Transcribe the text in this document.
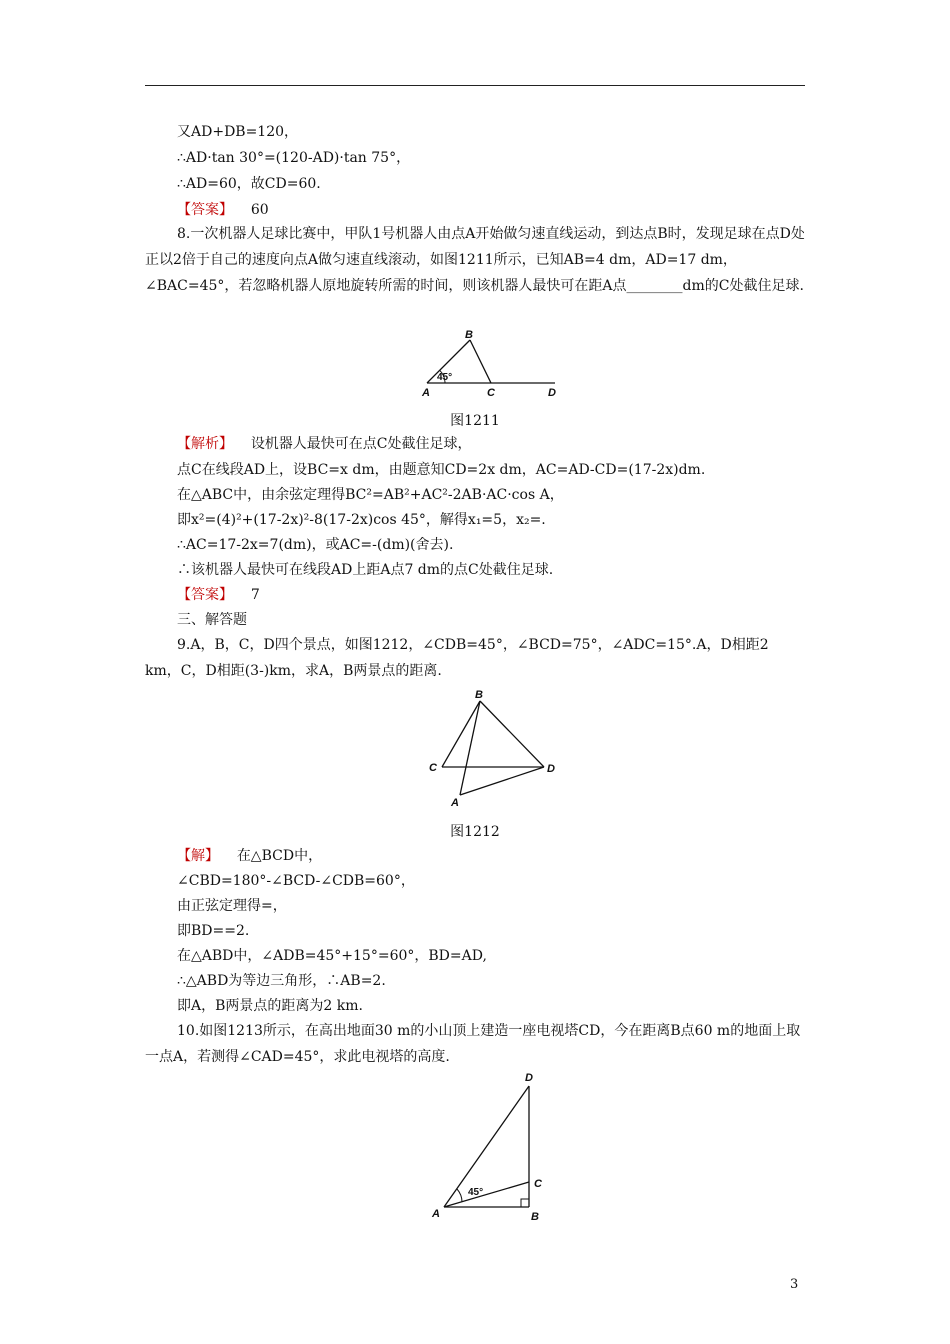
又AD+DB=120，
∴AD·tan 30°=(120-AD)·tan 75°，
∴AD=60，故CD=60.
【答案】 60
8.一次机器人足球比赛中，甲队1号机器人由点A开始做匀速直线运动，到达点B时，发现足球在点D处正以2倍于自己的速度向点A做匀速直线滚动，如图1211所示，已知AB=4 dm，AD=17 dm，∠BAC=45°，若忽略机器人原地旋转所需的时间，则该机器人最快可在距A点________dm的C处截住足球.
A
B
C	D
45°
图1211
【解析】 设机器人最快可在点C处截住足球，
点C在线段AD上，设BC=x dm，由题意知CD=2x dm，AC=AD-CD=(17-2x)dm.
在△ABC中，由余弦定理得BC²=AB²+AC²-2AB·AC·cos A，
即x²=(4)²+(17-2x)²-8(17-2x)cos 45°，解得x₁=5，x₂=.
∴AC=17-2x=7(dm)，或AC=-(dm)(舍去).
∴该机器人最快可在线段AD上距A点7 dm的点C处截住足球.
【答案】 7
三、解答题
9.A，B，C，D四个景点，如图1212，∠CDB=45°，∠BCD=75°，∠ADC=15°.A，D相距2 km，C，D相距(3-)km，求A，B两景点的距离.
B
C	D
A
图1212
【解】 在△BCD中，
∠CBD=180°-∠BCD-∠CDB=60°，
由正弦定理得=，
即BD==2.
在△ABD中，∠ADB=45°+15°=60°，BD=AD,
∴△ABD为等边三角形，∴AB=2.
即A，B两景点的距离为2 km.
10.如图1213所示，在高出地面30 m的小山顶上建造一座电视塔CD，今在距离B点60 m的地面上取一点A，若测得∠CAD=45°，求此电视塔的高度.
D
C
A	B
45°
3
